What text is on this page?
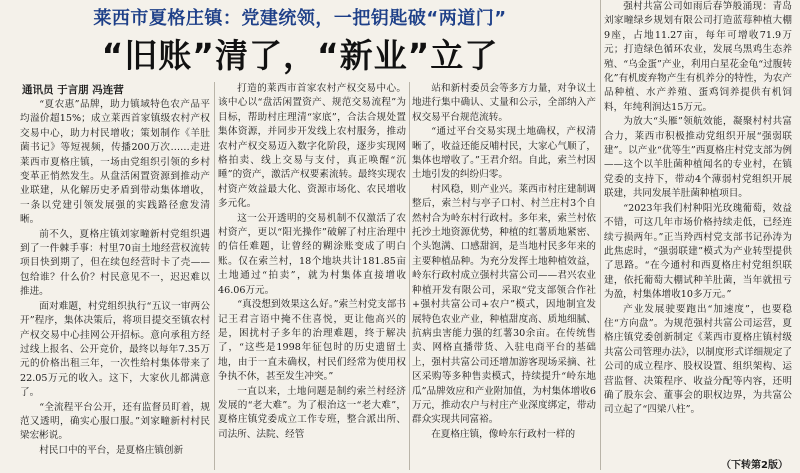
莱西市夏格庄镇：党建统领，一把钥匙破“两道门”
“旧账”清了，“新业”立了
通讯员 于言朋 冯连营

“夏农惠”品牌，助力镇域特色农产品平均溢价超15%；成立莱西首家镇级农村产权交易中心，助力村民增收；策划制作《羊肚菌书记》等短视频，传播200万次……走进莱西市夏格庄镇，一场由党组织引领的乡村变革正悄然发生。从盘活闲置资源到推动产业联建，从化解历史矛盾到带动集体增收，一条以党建引领发展强的实践路径愈发清晰。

前不久，夏格庄镇刘家疃新村党组织遇到了一件棘手事：村里70亩土地经营权流转项目快到期了，但在续包经营时卡了壳——包给谁？什么价？村民意见不一，迟迟难以推进。

面对难题，村党组织执行“五议一审两公开”程序，集体决策后，将项目提交至镇农村产权交易中心挂网公开招标。意向承租方经过线上报名、公开竞价，最终以每年7.35万元的价格出租三年，一次性给村集体带来了22.05万元的收入。这下，大家伙儿都满意了。

“全流程平台公开，还有监督员盯着，规范又透明，确实心服口服。”刘家疃新村村民梁宏彬说。

村民口中的平台，是夏格庄镇创新

打造的莱西市首家农村产权交易中心。该中心以“盘活闲置资产、规范交易流程”为目标，帮助村庄理清“家底”，合法合规处置集体资源，并同步开发线上农村服务，推动农村产权交易迈入数字化阶段，逐步实现网格拍卖、线上交易与支付，真正唤醒“沉睡”的资产，激活产权要素流转。最终实现农村资产效益最大化、资源市场化、农民增收多元化。

这一公开透明的交易机制不仅激活了农村资产，更以“阳光操作”破解了村庄治理中的信任难题，让曾经的糊涂账变成了明白账。仅在索兰村，18个地块共计181.85亩土地通过“拍卖”，就为村集体直接增收46.06万元。

“真没想到效果这么好。”索兰村党支部书记王君言语中掩不住喜悦，更让他高兴的是，困扰村子多年的治理难题，终于解决了，“这些是1998年征包时的历史遗留土地，由于一直未确权，村民们经常为使用权争执不休，甚至发生冲突。”

一直以来，土地问题是制约索兰村经济发展的“老大难”。为了根治这一“老大难”，夏格庄镇党委成立工作专班，整合派出所、司法所、法院、经管

站和新村委员会等多方力量，对争议土地进行集中确认、丈量和公示，全部纳入产权交易平台规范流转。

“通过平台交易实现土地确权，产权清晰了，收益还能反哺村民，大家心气顺了，集体也增收了。”王君介绍。自此，索兰村因土地引发的纠纷归零。

村风稳，则产业兴。莱西市村庄建制调整后，索兰村与亭子口村、村兰庄村3个自然村合为岭东村行政村。多年来，索兰村依托沙土地资源优势，种植的红薯质地紧密、个头饱满、口感甜润，是当地村民多年来的主要种植品种。为充分发挥土地种植效益，岭东行政村成立强村共富公司——君兴农业种植开发有限公司，采取“党支部领合作社+强村共富公司+农户”模式，因地制宜发展特色农业产业，种植甜度高、质地细腻、抗病虫害能力强的红薯30余亩。在传统售卖、网格直播带货、入驻电商平台的基础上，强村共富公司还增加游客现场采摘、社区采购等多种售卖模式，持续提升“岭东地瓜”品牌效应和产业附加值，为村集体增收6万元，推动农户与村庄产业深度绑定，带动群众实现共同富裕。

在夏格庄镇，像岭东行政村一样的

强村共富公司如雨后春笋般涌现：青岛刘家疃绿乡规划有限公司打造蓝莓种植大棚9座，占地11.27亩，每年可增收71.9万元；打造绿色循环农业，发展乌黑鸡生态养殖、“乌金蛋”产业，利用白星花金龟“过腹转化”有机废弃物产生有机养分的特性，为农产品种植、水产养殖、蛋鸡饲养提供有机饲料，年纯利润达15万元。

为放大“头雁”领航效能，凝聚村村共富合力，莱西市积极推动党组织开展“强弱联建”。以产业“优等生”西夏格庄村党支部为例——这个以羊肚菌种植闻名的专业村，在镇党委的支持下，带动4个薄弱村党组织开展联建，共同发展羊肚菌种植项目。

“2023年我们村种阳光玫瑰葡萄，效益不错，可这几年市场价格持续走低，已经连续亏损两年。”正当羚西村党支部书记孙涛为此焦虑时，“强弱联建”模式为产业转型提供了思路。“在今通村和西夏格庄村党组织联建，依托葡萄大棚试种羊肚菌，当年就扭亏为盈，村集体增收10多万元。”

产业发展驶要跑出“加速度”，也要稳住“方向盘”。为规范强村共富公司运营，夏格庄镇党委创新制定《莱西市夏格庄镇村级共富公司管理办法》，以制度形式详细规定了公司的成立程序、股权设置、组织架构、运营监督、决策程序、收益分配等内容，还明确了股东会、董事会的职权边界，为共富公司立起了“四梁八柱”。

（下转第2版）
